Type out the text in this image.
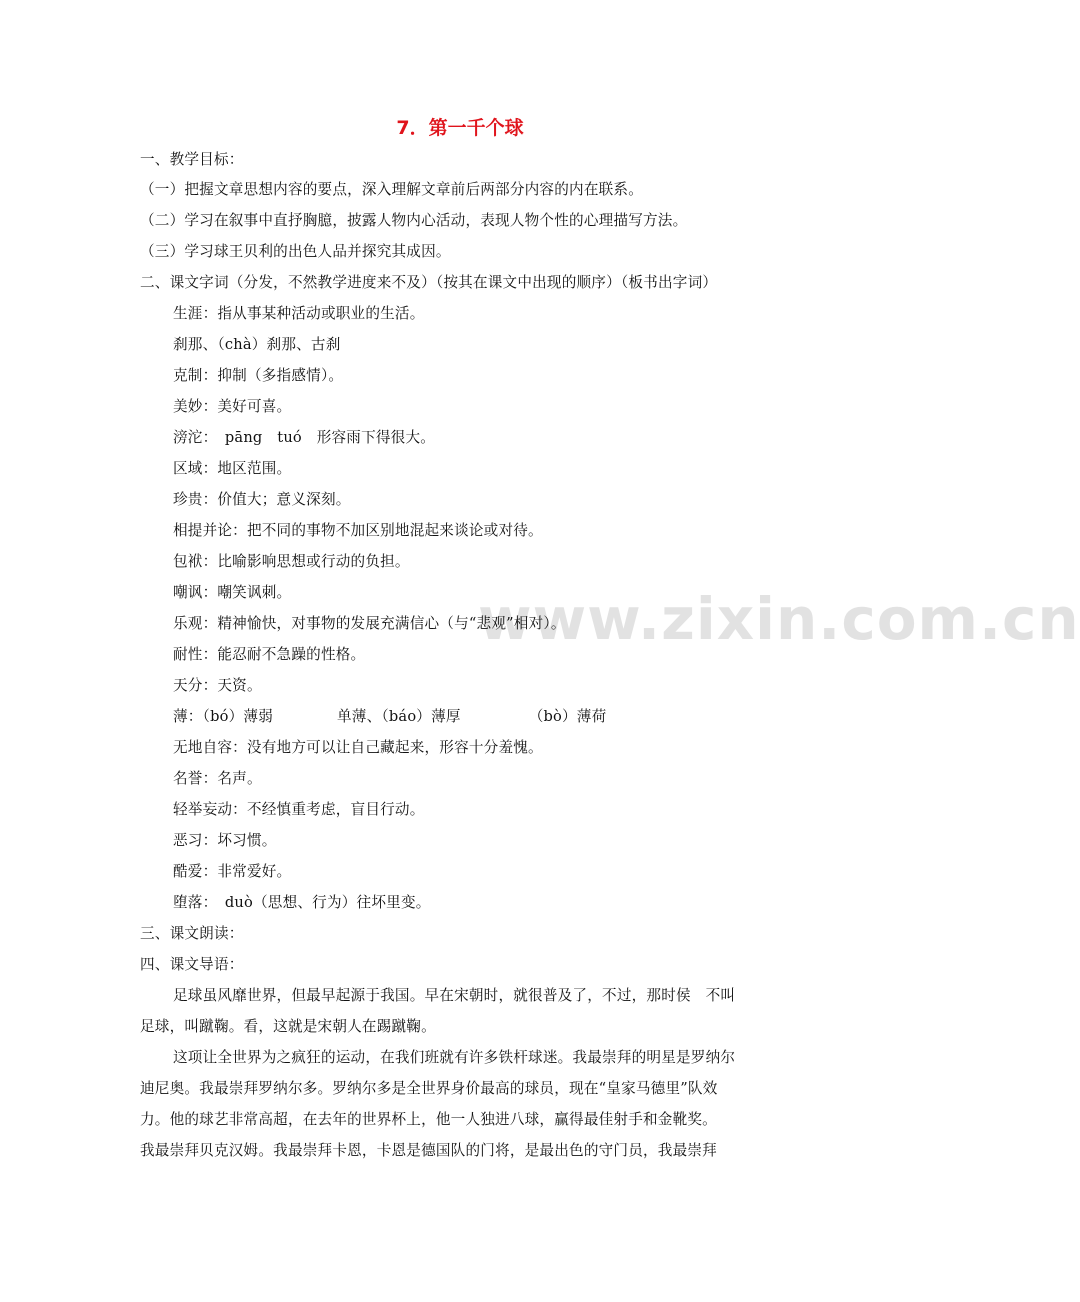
7．第一千个球
一、教学目标：
（一）把握文章思想内容的要点，深入理解文章前后两部分内容的内在联系。
（二）学习在叙事中直抒胸臆，披露人物内心活动，表现人物个性的心理描写方法。
（三）学习球王贝利的出色人品并探究其成因。
二、课文字词（分发，不然教学进度来不及）（按其在课文中出现的顺序）（板书出字词）
生涯：指从事某种活动或职业的生活。
刹那、（chà）刹那、古刹
克制：抑制（多指感情）。
美妙：美好可喜。
滂沱：　pāng　tuó　形容雨下得很大。
区域：地区范围。
珍贵：价值大；意义深刻。
相提并论：把不同的事物不加区别地混起来谈论或对待。
包袱：比喻影响思想或行动的负担。
嘲讽：嘲笑讽刺。	www.zixin.com.cn
乐观：精神愉快，对事物的发展充满信心（与“悲观”相对）。
耐性：能忍耐不急躁的性格。
天分：天资。
薄：（bó）薄弱	单薄、（báo）薄厚	（bò）薄荷
无地自容：没有地方可以让自己藏起来，形容十分羞愧。
名誉：名声。
轻举妄动：不经慎重考虑，盲目行动。
恶习：坏习惯。
酷爱：非常爱好。
堕落：　duò（思想、行为）往坏里变。
三、课文朗读：
四、课文导语：
足球虽风靡世界，但最早起源于我国。早在宋朝时，就很普及了，不过，那时侯　不叫
足球，叫蹴鞠。看，这就是宋朝人在踢蹴鞠。
这项让全世界为之疯狂的运动，在我们班就有许多铁杆球迷。我最崇拜的明星是罗纳尔
迪尼奥。我最崇拜罗纳尔多。罗纳尔多是全世界身价最高的球员，现在“皇家马德里”队效
力。他的球艺非常高超，在去年的世界杯上，他一人独进八球，赢得最佳射手和金靴奖。
我最崇拜贝克汉姆。我最崇拜卡恩，卡恩是德国队的门将，是最出色的守门员，我最崇拜
